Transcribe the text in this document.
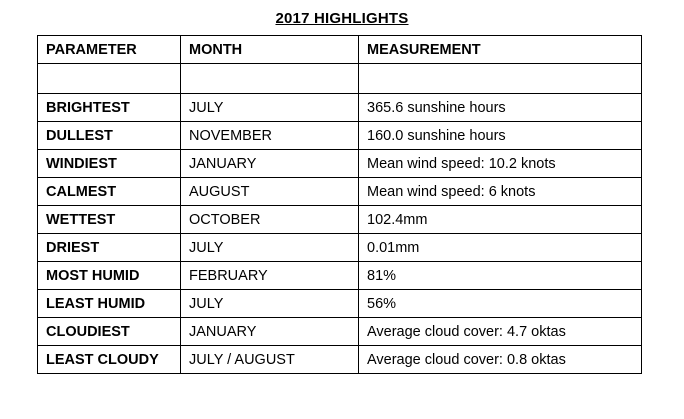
2017 HIGHLIGHTS
PARAMETER	MONTH	MEASUREMENT

BRIGHTEST	JULY	365.6 sunshine hours
DULLEST	NOVEMBER	160.0 sunshine hours
WINDIEST	JANUARY	Mean wind speed: 10.2 knots
CALMEST	AUGUST	Mean wind speed: 6 knots
WETTEST	OCTOBER	102.4mm
DRIEST	JULY	0.01mm
MOST HUMID	FEBRUARY	81%
LEAST HUMID	JULY	56%
CLOUDIEST	JANUARY	Average cloud cover: 4.7 oktas
LEAST CLOUDY	JULY / AUGUST	Average cloud cover: 0.8 oktas
